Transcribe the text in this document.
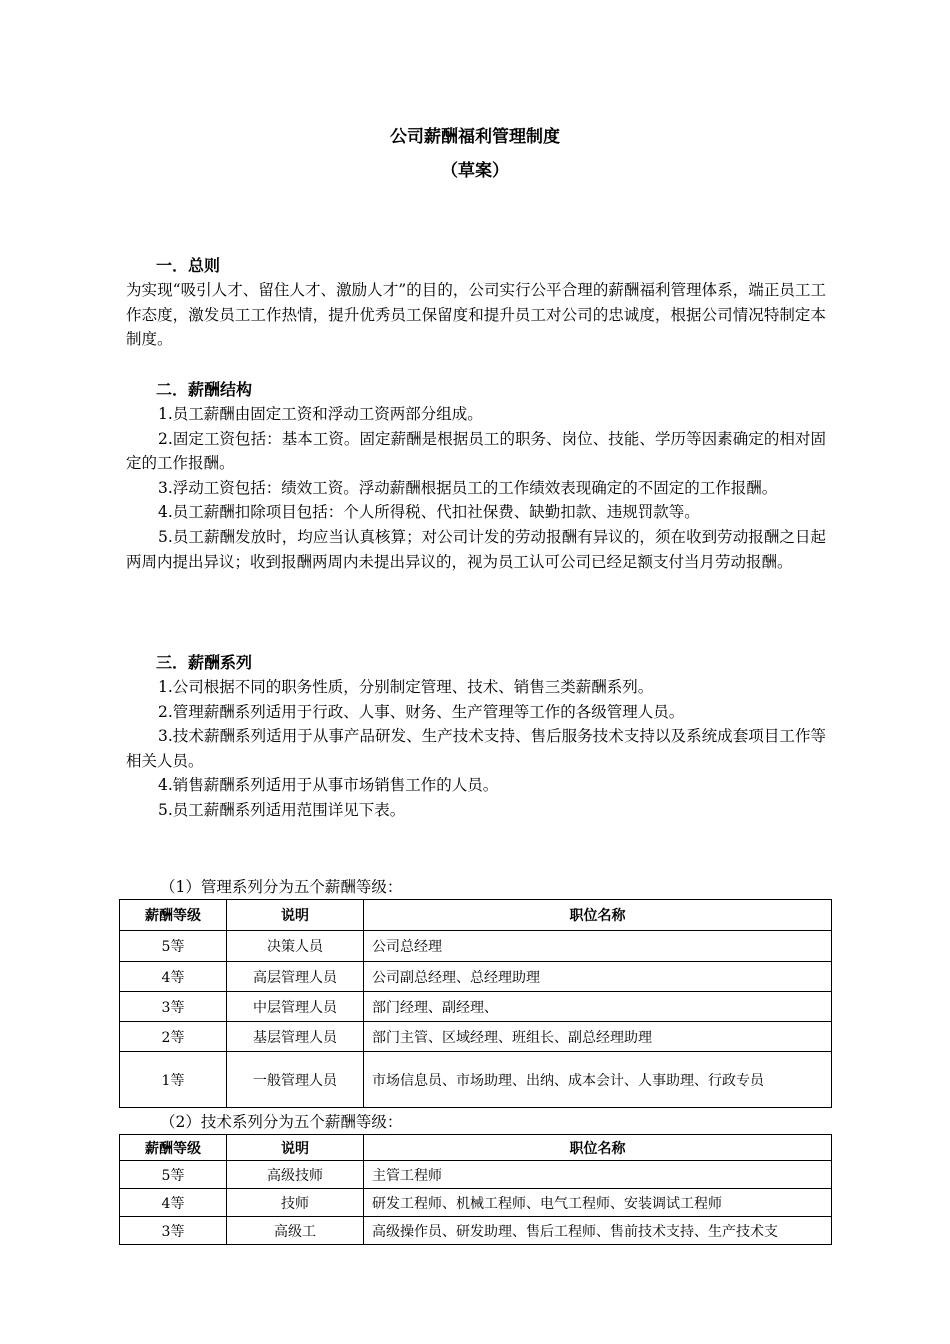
公司薪酬福利管理制度
（草案）

一．总则

为实现“吸引人才、留住人才、激励人才”的目的，公司实行公平合理的薪酬福利管理体系，端正员工工作态度，激发员工工作热情，提升优秀员工保留度和提升员工对公司的忠诚度，根据公司情况特制定本制度。

二．薪酬结构

1.员工薪酬由固定工资和浮动工资两部分组成。

2.固定工资包括：基本工资。固定薪酬是根据员工的职务、岗位、技能、学历等因素确定的相对固定的工作报酬。

3.浮动工资包括：绩效工资。浮动薪酬根据员工的工作绩效表现确定的不固定的工作报酬。

4.员工薪酬扣除项目包括：个人所得税、代扣社保费、缺勤扣款、违规罚款等。

5.员工薪酬发放时，均应当认真核算；对公司计发的劳动报酬有异议的，须在收到劳动报酬之日起两周内提出异议；收到报酬两周内未提出异议的，视为员工认可公司已经足额支付当月劳动报酬。

三．薪酬系列

1.公司根据不同的职务性质，分别制定管理、技术、销售三类薪酬系列。

2.管理薪酬系列适用于行政、人事、财务、生产管理等工作的各级管理人员。

3.技术薪酬系列适用于从事产品研发、生产技术支持、售后服务技术支持以及系统成套项目工作等相关人员。

4.销售薪酬系列适用于从事市场销售工作的人员。

5.员工薪酬系列适用范围详见下表。

（1）管理系列分为五个薪酬等级：
薪酬等级	说明	职位名称
5等	决策人员	公司总经理
4等	高层管理人员	公司副总经理、总经理助理
3等	中层管理人员	部门经理、副经理、
2等	基层管理人员	部门主管、区域经理、班组长、副总经理助理
1等	一般管理人员	市场信息员、市场助理、出纳、成本会计、人事助理、行政专员
（2）技术系列分为五个薪酬等级：
薪酬等级	说明	职位名称
5等	高级技师	主管工程师
4等	技师	研发工程师、机械工程师、电气工程师、安装调试工程师
3等	高级工	高级操作员、研发助理、售后工程师、售前技术支持、生产技术支
